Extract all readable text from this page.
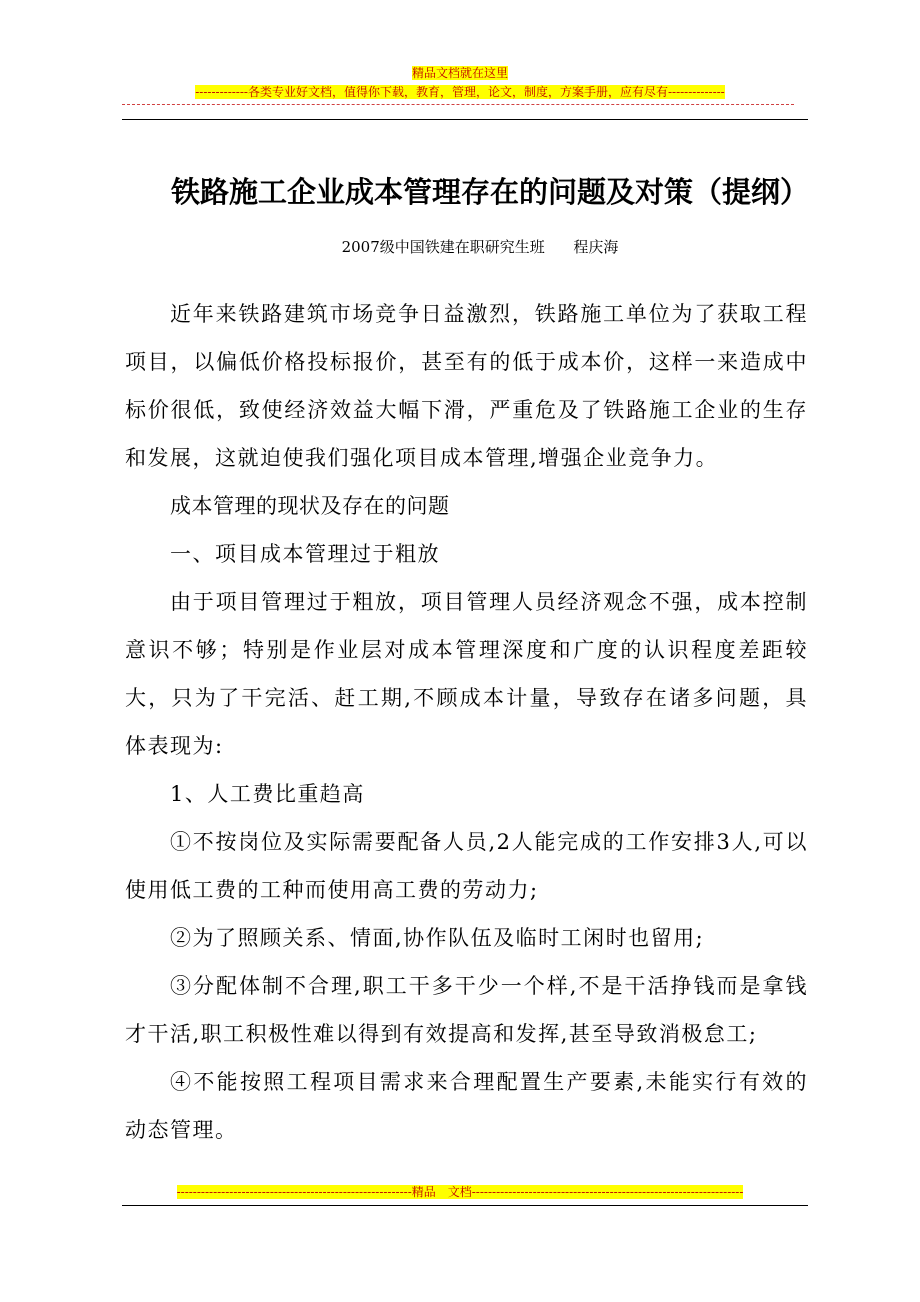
精品文档就在这里
-------------各类专业好文档，值得你下载，教育，管理，论文，制度，方案手册，应有尽有--------------
铁路施工企业成本管理存在的问题及对策（提纲）
2007级中国铁建在职研究生班      程庆海

近年来铁路建筑市场竞争日益激烈，铁路施工单位为了获取工程项目，以偏低价格投标报价，甚至有的低于成本价，这样一来造成中标价很低，致使经济效益大幅下滑，严重危及了铁路施工企业的生存和发展，这就迫使我们强化项目成本管理,增强企业竞争力。

成本管理的现状及存在的问题

一、项目成本管理过于粗放

由于项目管理过于粗放，项目管理人员经济观念不强，成本控制意识不够；特别是作业层对成本管理深度和广度的认识程度差距较大，只为了干完活、赶工期,不顾成本计量，导致存在诸多问题，具体表现为:

1、人工费比重趋高

①不按岗位及实际需要配备人员,2人能完成的工作安排3人,可以使用低工费的工种而使用高工费的劳动力;

②为了照顾关系、情面,协作队伍及临时工闲时也留用;

③分配体制不合理,职工干多干少一个样,不是干活挣钱而是拿钱才干活,职工积极性难以得到有效提高和发挥,甚至导致消极怠工;

④不能按照工程项目需求来合理配置生产要素,未能实行有效的动态管理。

----------------------------------------------------------精品　文档-------------------------------------------------------------------
